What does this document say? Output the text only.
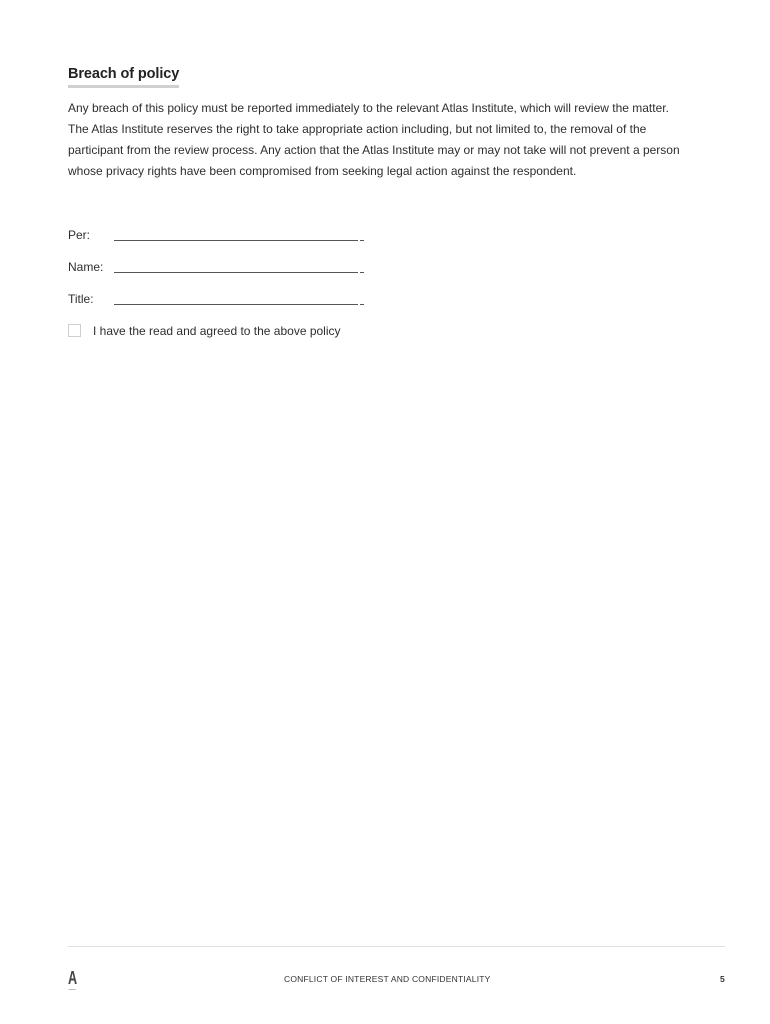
Breach of policy

Any breach of this policy must be reported immediately to the relevant Atlas Institute, which will review the matter.

The Atlas Institute reserves the right to take appropriate action including, but not limited to, the removal of the

participant from the review process. Any action that the Atlas Institute may or may not take will not prevent a person

whose privacy rights have been compromised from seeking legal action against the respondent.

Per:
Name:
Title:
I have the read and agreed to the above policy
A	CONFLICT OF INTEREST AND CONFIDENTIALITY	5
